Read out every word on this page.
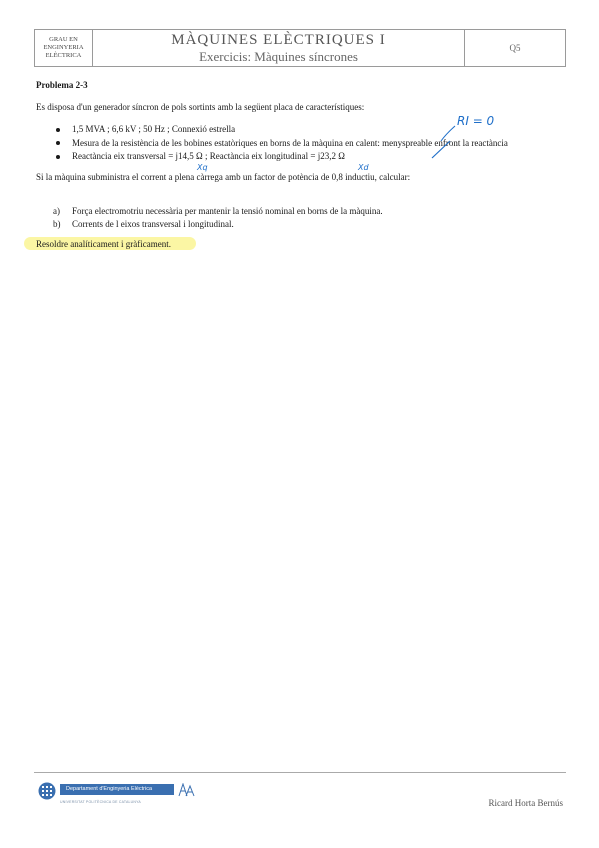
GRAU EN
ENGINYERIA
ELÈCTRICA
MÀQUINES ELÈCTRIQUES I
Exercicis: Màquines síncrones
Q5
Problema 2-3
Es disposa d'un generador síncron de pols sortints amb la següent placa de característiques:
1,5 MVA ; 6,6 kV ; 50 Hz ; Connexió estrella
Mesura de la resistència de les bobines estatòriques en borns de la màquina en calent: menyspreable enfront la reactància
Reactància eix transversal = j14,5 Ω ; Reactància eix longitudinal = j23,2 Ω
Si la màquina subministra el corrent a plena càrrega amb un factor de potència de 0,8 inductiu, calcular:
a)	Força electromotriu necessària per mantenir la tensió nominal en borns de la màquina.
b)	Corrents de l eixos transversal i longitudinal.
Resoldre analíticament i gràficament.
RI = 0
Xq	Xd
Departament d'Enginyeria Elèctrica
UNIVERSITAT POLITÈCNICA DE CATALUNYA	Ricard Horta Bernús
